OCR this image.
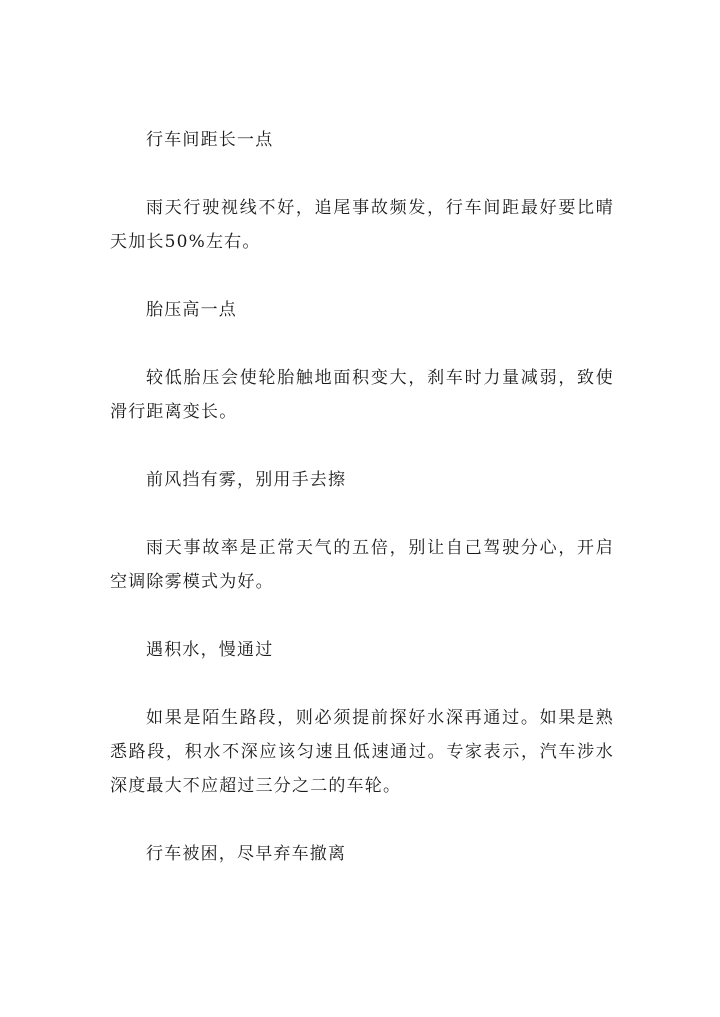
行车间距长一点

雨天行驶视线不好，追尾事故频发，行车间距最好要比晴天加长50%左右。

胎压高一点

较低胎压会使轮胎触地面积变大，刹车时力量减弱，致使滑行距离变长。

前风挡有雾，别用手去擦

雨天事故率是正常天气的五倍，别让自己驾驶分心，开启空调除雾模式为好。

遇积水，慢通过

如果是陌生路段，则必须提前探好水深再通过。如果是熟悉路段，积水不深应该匀速且低速通过。专家表示，汽车涉水深度最大不应超过三分之二的车轮。

行车被困，尽早弃车撤离
